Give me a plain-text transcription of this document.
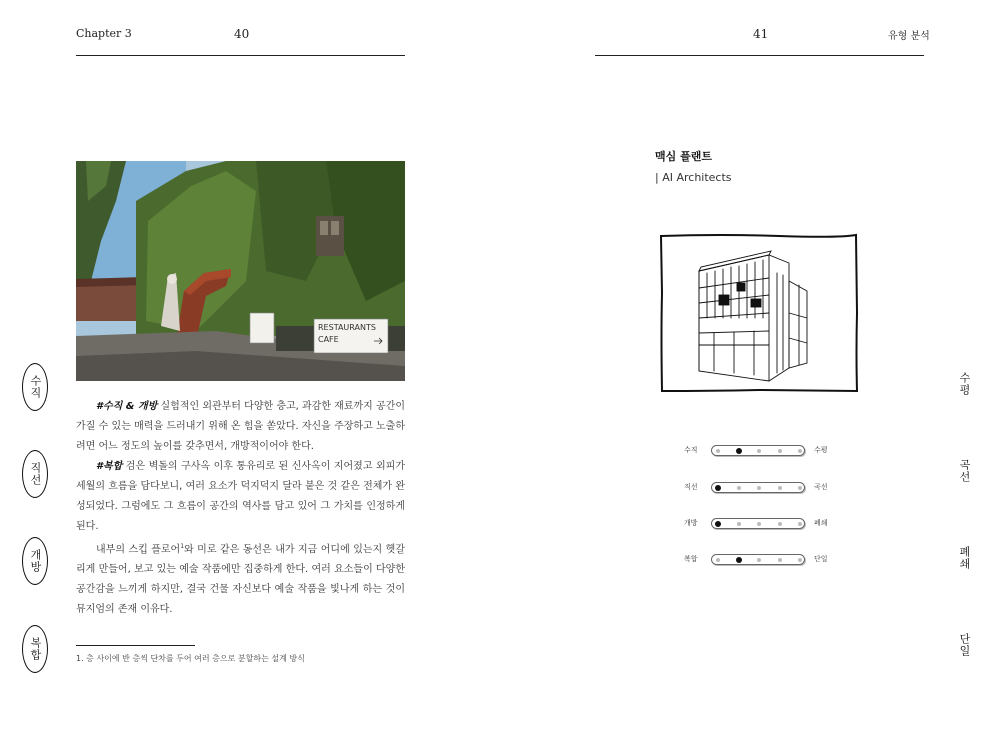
Chapter 3	40	41	유형 분석
RESTAURANTS
CAFE

#수직 & 개방 실험적인 외관부터 다양한 층고, 과감한 재료까지 공간이 가질 수 있는 매력을 드러내기 위해 온 힘을 쏟았다. 자신을 주장하고 노출하려면 어느 정도의 높이를 갖추면서, 개방적이어야 한다.

#복합 검은 벽돌의 구사옥 이후 통유리로 된 신사옥이 지어졌고 외피가 세월의 흐름을 담다보니, 여러 요소가 덕지덕지 달라 붙은 것 같은 전체가 완성되었다. 그럼에도 그 흐름이 공간의 역사를 담고 있어 그 가치를 인정하게 된다.

내부의 스킵 플로어$^1$와 미로 같은 동선은 내가 지금 어디에 있는지 헷갈리게 만들어, 보고 있는 예술 작품에만 집중하게 한다. 여러 요소들이 다양한 공간감을 느끼게 하지만, 결국 건물 자신보다 예술 작품을 빛나게 하는 것이 뮤지엄의 존재 이유다.

1. 층 사이에 반 층씩 단차를 두어 여러 층으로 분할하는 설계 방식
수직
직선
개방
복합
수평
곡선
폐쇄
단일
맥심 플랜트
| AI Architects
수직	수평
직선	곡선
개방	폐쇄
복합	단일
